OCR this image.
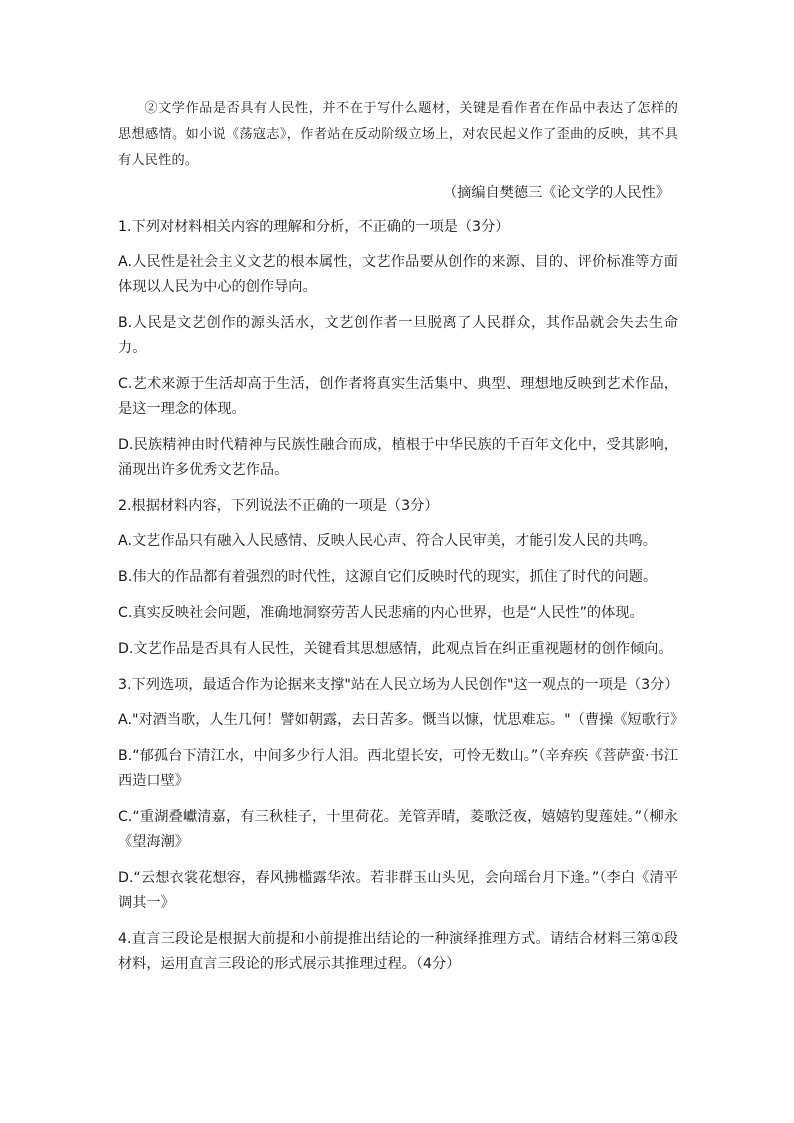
②文学作品是否具有人民性，并不在于写什么题材，关键是看作者在作品中表达了怎样的思想感情。如小说《荡寇志》，作者站在反动阶级立场上，对农民起义作了歪曲的反映，其不具有人民性的。

（摘编自樊德三《论文学的人民性》

1.下列对材料相关内容的理解和分析，不正确的一项是（3分）

A.人民性是社会主义文艺的根本属性，文艺作品要从创作的来源、目的、评价标准等方面体现以人民为中心的创作导向。

B.人民是文艺创作的源头活水，文艺创作者一旦脱离了人民群众，其作品就会失去生命力。

C.艺术来源于生活却高于生活，创作者将真实生活集中、典型、理想地反映到艺术作品，是这一理念的体现。

D.民族精神由时代精神与民族性融合而成，植根于中华民族的千百年文化中，受其影响，涌现出许多优秀文艺作品。

2.根据材料内容，下列说法不正确的一项是（3分）

A.文艺作品只有融入人民感情、反映人民心声、符合人民审美，才能引发人民的共鸣。

B.伟大的作品都有着强烈的时代性，这源自它们反映时代的现实，抓住了时代的问题。

C.真实反映社会问题，准确地洞察劳苦人民悲痛的内心世界，也是“人民性”的体现。

D.文艺作品是否具有人民性，关键看其思想感情，此观点旨在纠正重视题材的创作倾向。

3.下列选项，最适合作为论据来支撑"站在人民立场为人民创作"这一观点的一项是（3分）

A."对酒当歌，人生几何！譬如朝露，去日苦多。慨当以慷，忧思难忘。"（曹操《短歌行》

B.“郁孤台下清江水，中间多少行人泪。西北望长安，可怜无数山。”（辛弃疾《菩萨蛮·书江西造口壁》

C.“重湖叠巘清嘉，有三秋桂子，十里荷花。羌管弄晴，菱歌泛夜，嬉嬉钓叟莲娃。”（柳永《望海潮》

D.“云想衣裳花想容，春风拂槛露华浓。若非群玉山头见，会向瑶台月下逢。”（李白《清平调其一》

4.直言三段论是根据大前提和小前提推出结论的一种演绎推理方式。请结合材料三第①段材料，运用直言三段论的形式展示其推理过程。（4分）
